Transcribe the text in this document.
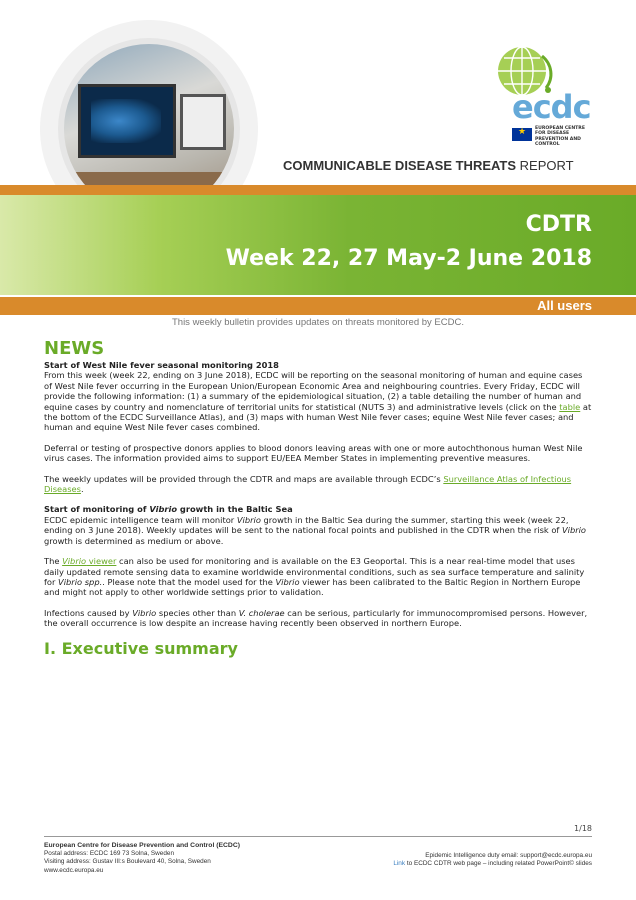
ecdc
★
EUROPEAN CENTRE FOR DISEASE PREVENTION AND CONTROL
COMMUNICABLE DISEASE THREATS REPORT
CDTR
Week 22, 27 May-2 June 2018
All users
This weekly bulletin provides updates on threats monitored by ECDC.
NEWS
Start of West Nile fever seasonal monitoring 2018

From this week (week 22, ending on 3 June 2018), ECDC will be reporting on the seasonal monitoring of human and equine cases of West Nile fever occurring in the European Union/European Economic Area and neighbouring countries. Every Friday, ECDC will provide the following information: (1) a summary of the epidemiological situation, (2) a table detailing the number of human and equine cases by country and nomenclature of territorial units for statistical (NUTS 3) and administrative levels (click on the table at the bottom of the ECDC Surveillance Atlas), and (3) maps with human West Nile fever cases; equine West Nile fever cases; and human and equine West Nile fever cases combined.

Deferral or testing of prospective donors applies to blood donors leaving areas with one or more autochthonous human West Nile virus cases. The information provided aims to support EU/EEA Member States in implementing preventive measures.

The weekly updates will be provided through the CDTR and maps are available through ECDC’s Surveillance Atlas of Infectious Diseases.

Start of monitoring of Vibrio growth in the Baltic Sea

ECDC epidemic intelligence team will monitor Vibrio growth in the Baltic Sea during the summer, starting this week (week 22, ending on 3 June 2018). Weekly updates will be sent to the national focal points and published in the CDTR when the risk of Vibrio growth is determined as medium or above.

The Vibrio viewer can also be used for monitoring and is available on the E3 Geoportal. This is a near real-time model that uses daily updated remote sensing data to examine worldwide environmental conditions, such as sea surface temperature and salinity for Vibrio spp.. Please note that the model used for the Vibrio viewer has been calibrated to the Baltic Region in Northern Europe and might not apply to other worldwide settings prior to validation.

Infections caused by Vibrio species other than V. cholerae can be serious, particularly for immunocompromised persons. However, the overall occurrence is low despite an increase having recently been observed in northern Europe.

I. Executive summary
1/18
European Centre for Disease Prevention and Control (ECDC)
Postal address: ECDC 169 73 Solna, Sweden
Visiting address: Gustav III:s Boulevard 40, Solna, Sweden
www.ecdc.europa.eu
Epidemic Intelligence duty email: support@ecdc.europa.eu
Link to ECDC CDTR web page – including related PowerPoint© slides
